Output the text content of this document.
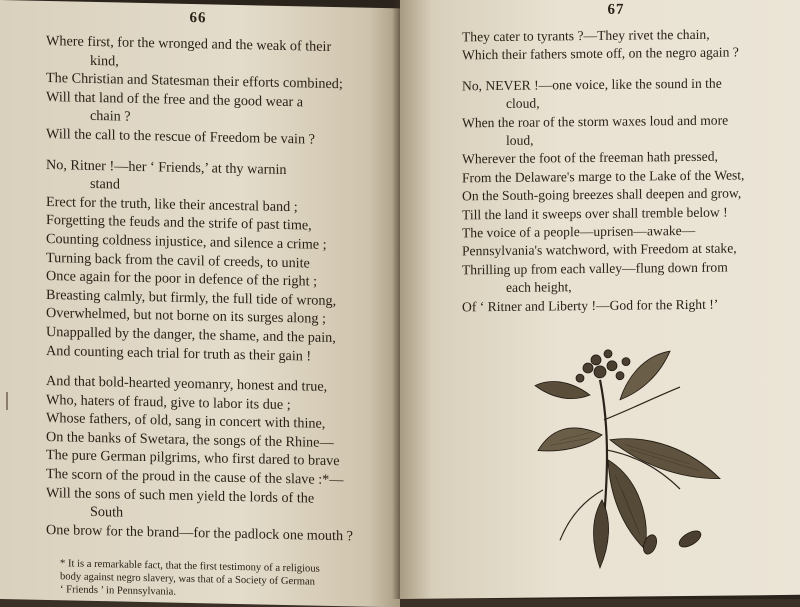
66
Where first, for the wronged and the weak of their
kind,
The Christian and Statesman their efforts combined;
Will that land of the free and the good wear a
chain ?
Will the call to the rescue of Freedom be vain ?
No, Ritner !—her ‘ Friends,’ at thy warnin
stand
Erect for the truth, like their ancestral band ;
Forgetting the feuds and the strife of past time,
Counting coldness injustice, and silence a crime ;
Turning back from the cavil of creeds, to unite
Once again for the poor in defence of the right ;
Breasting calmly, but firmly, the full tide of wrong,
Overwhelmed, but not borne on its surges along ;
Unappalled by the danger, the shame, and the pain,
And counting each trial for truth as their gain !
And that bold-hearted yeomanry, honest and true,
Who, haters of fraud, give to labor its due ;
Whose fathers, of old, sang in concert with thine,
On the banks of Swetara, the songs of the Rhine—
The pure German pilgrims, who first dared to brave
The scorn of the proud in the cause of the slave :*—
Will the sons of such men yield the lords of the
South
One brow for the brand—for the padlock one mouth ?
* It is a remarkable fact, that the first testimony of a religious
body against negro slavery, was that of a Society of German
‘ Friends ’ in Pennsylvania.
67
They cater to tyrants ?—They rivet the chain,
Which their fathers smote off, on the negro again ?
No, NEVER !—one voice, like the sound in the
cloud,
When the roar of the storm waxes loud and more
loud,
Wherever the foot of the freeman hath pressed,
From the Delaware's marge to the Lake of the West,
On the South-going breezes shall deepen and grow,
Till the land it sweeps over shall tremble below !
The voice of a people—uprisen—awake—
Pennsylvania's watchword, with Freedom at stake,
Thrilling up from each valley—flung down from
each height,
Of ‘ Ritner and Liberty !—God for the Right !’
